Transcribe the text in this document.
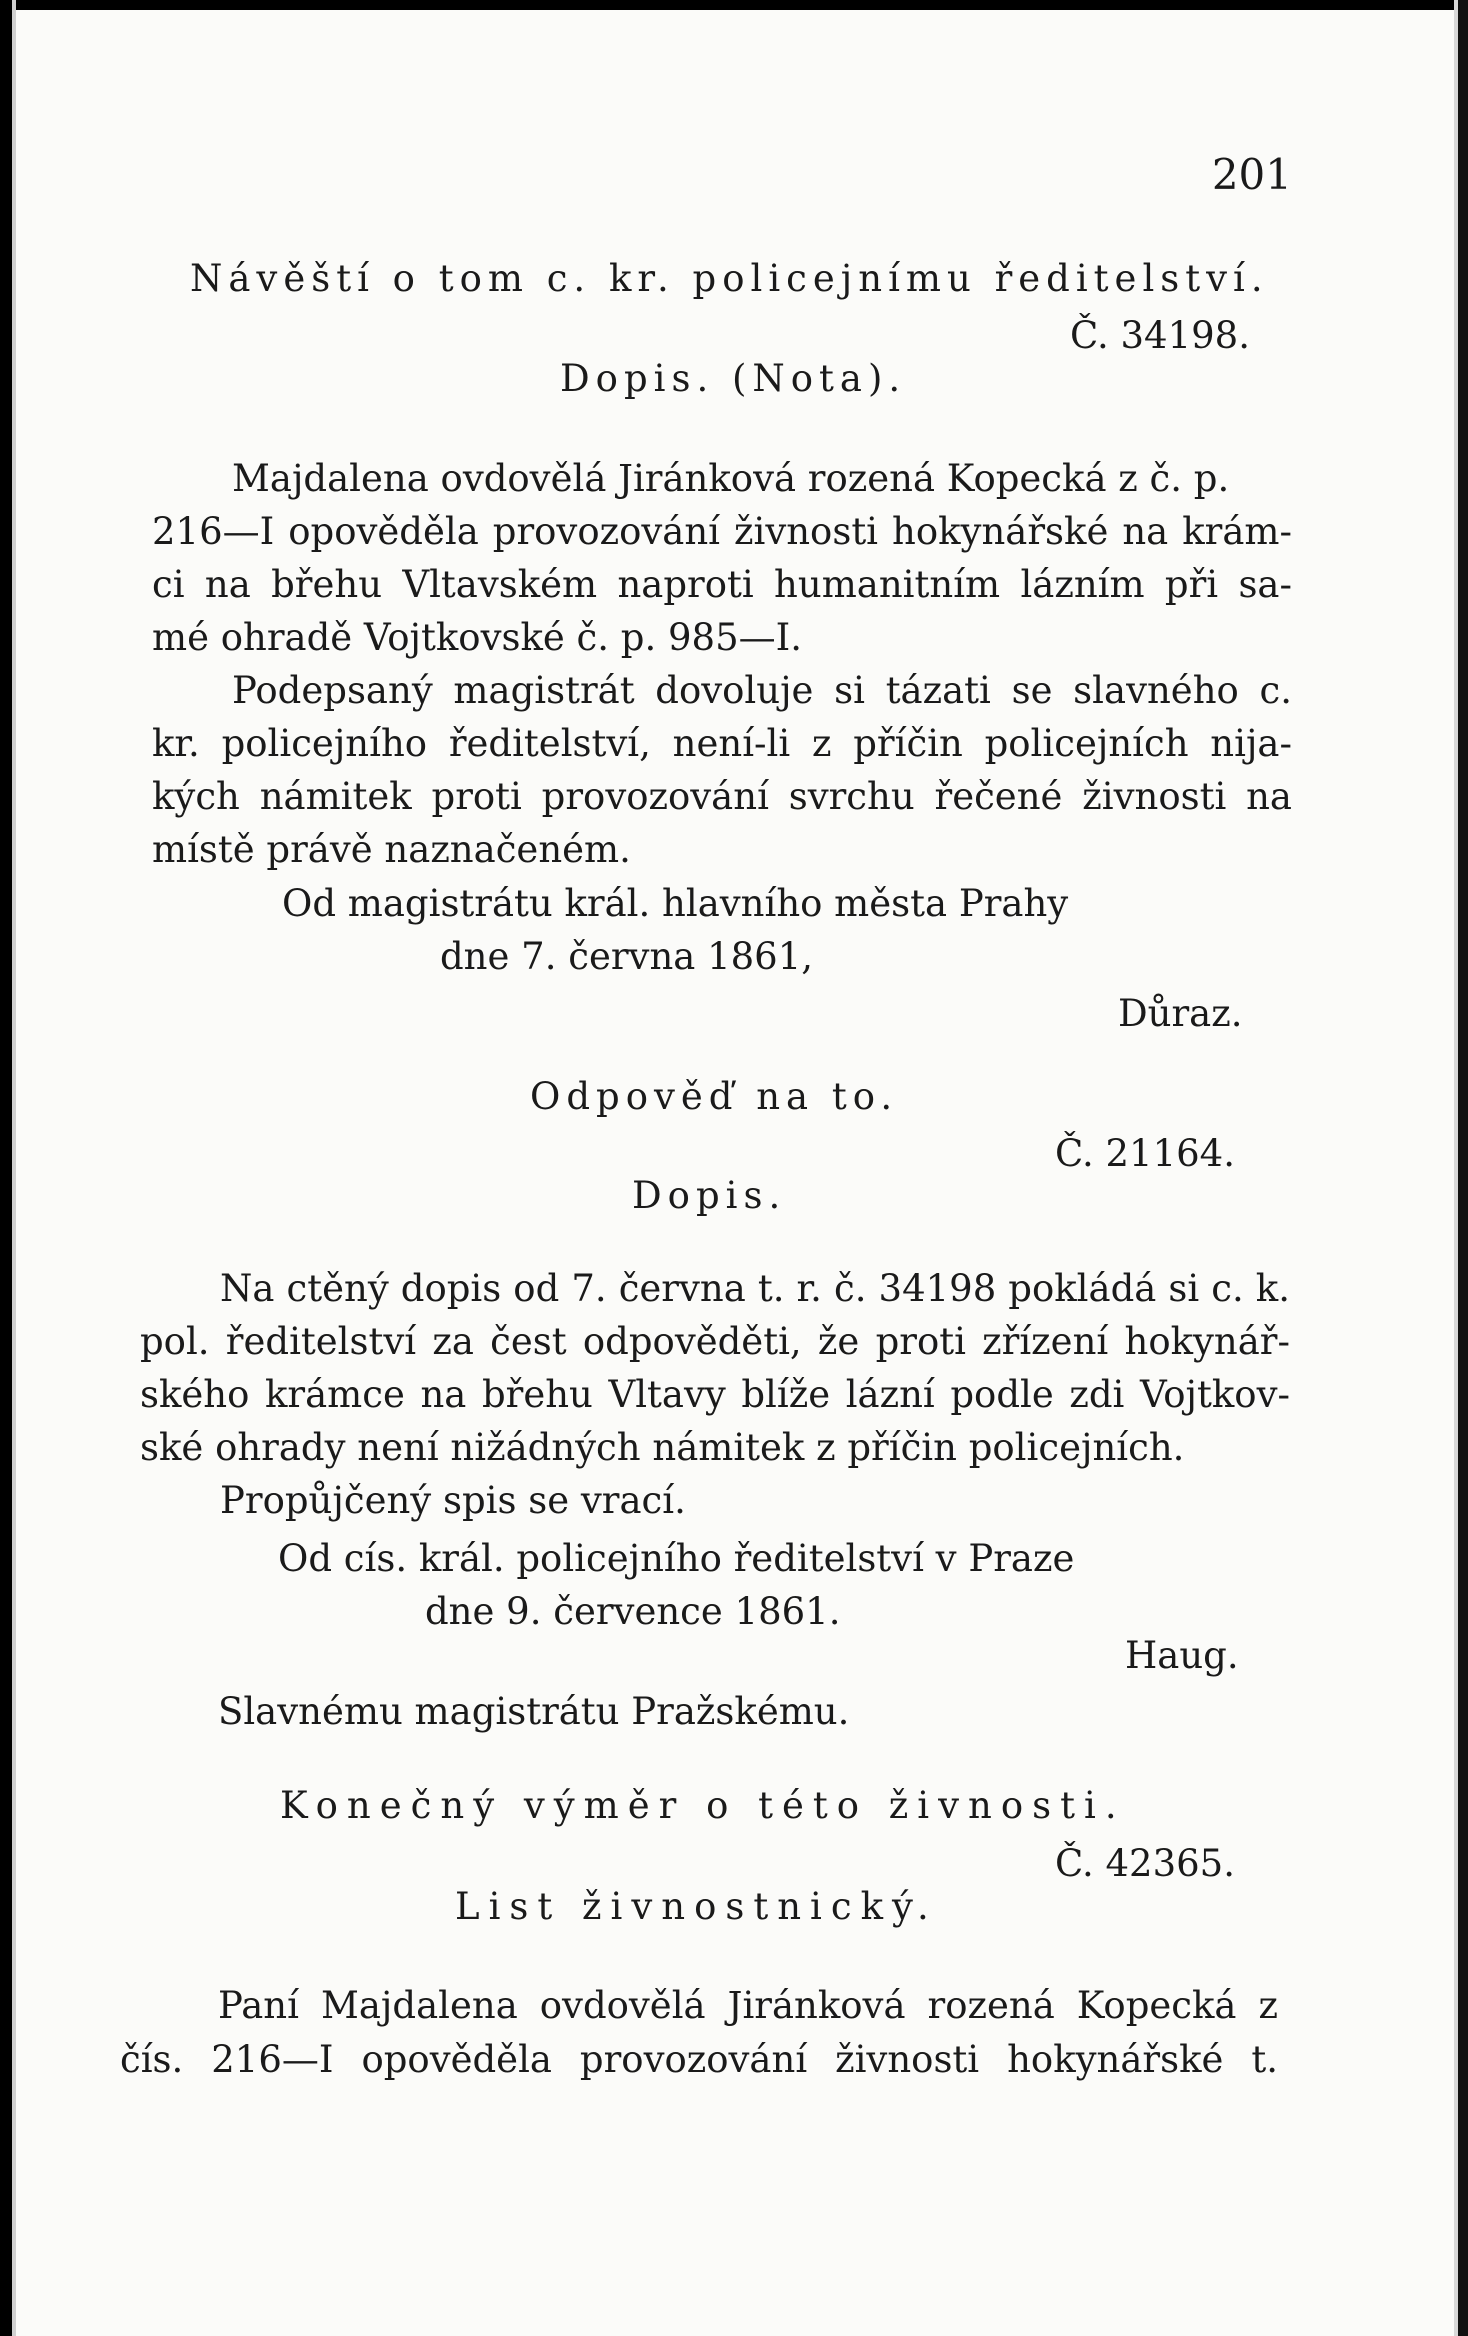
201
Návěští o tom c. kr. policejnímu ředitelství.
Č. 34198.
Dopis. (Nota).
Majdalena ovdovělá Jiránková rozená Kopecká z č. p.
216—I opověděla provozování živnosti hokynářské na krám-
ci na břehu Vltavském naproti humanitním lázním při sa-
mé ohradě Vojtkovské č. p. 985—I.
Podepsaný magistrát dovoluje si tázati se slavného c.
kr. policejního ředitelství, není-li z příčin policejních nija-
kých námitek proti provozování svrchu řečené živnosti na
místě právě naznačeném.
Od magistrátu král. hlavního města Prahy
dne 7. června 1861,
Důraz.
Odpověď na to.
Č. 21164.
Dopis.
Na ctěný dopis od 7. června t. r. č. 34198 pokládá si c. k.
pol. ředitelství za čest odpověděti, že proti zřízení hokynář-
ského krámce na břehu Vltavy blíže lázní podle zdi Vojtkov-
ské ohrady není nižádných námitek z příčin policejních.
Propůjčený spis se vrací.
Od cís. král. policejního ředitelství v Praze
dne 9. července 1861.
Haug.
Slavnému magistrátu Pražskému.
Konečný výměr o této živnosti.
Č. 42365.
List živnostnický.
Paní Majdalena ovdovělá Jiránková rozená Kopecká z
čís. 216—I opověděla provozování živnosti hokynářské t.
